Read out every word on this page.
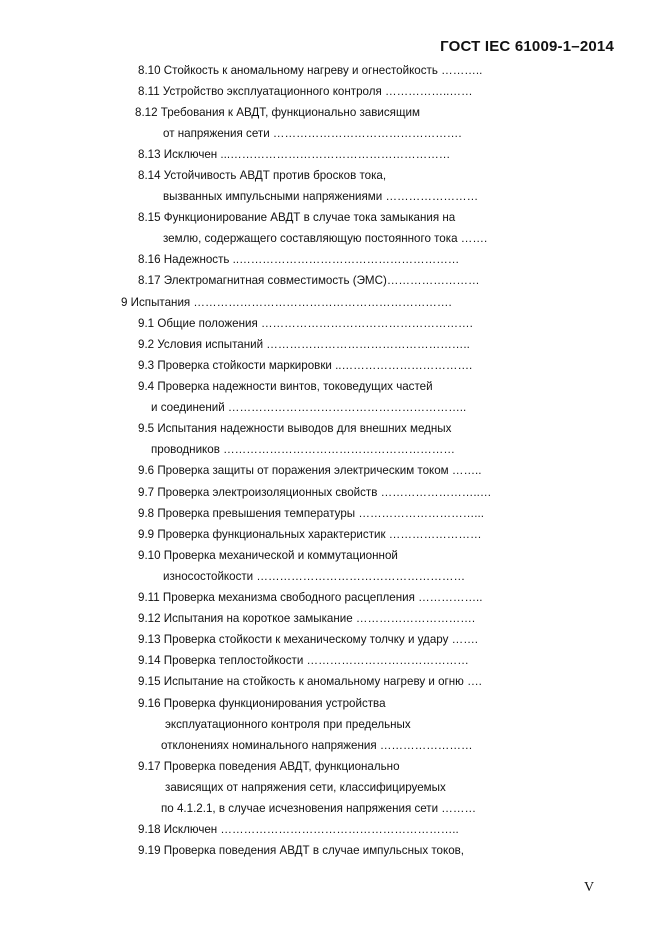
ГОСТ IEC 61009-1–2014
8.10 Стойкость к аномальному нагреву и огнестойкость ………..
8.11 Устройство эксплуатационного контроля ……………..……
8.12 Требования к АВДТ, функционально зависящим
от напряжения сети ………………………………………….
8.13 Исключен ...…………………………………………………
8.14 Устойчивость АВДТ против бросков тока,
вызванных импульсными напряжениями ……………………
8.15 Функционирование АВДТ в случае тока замыкания на
землю, содержащего составляющую постоянного тока …….
8.16 Надежность ..…………………………………………………
8.17 Электромагнитная совместимость (ЭМС)……………………
9 Испытания ………………………………………………………….
9.1 Общие положения ……………………………………………….
9.2 Условия испытаний ……………………………………………..
9.3 Проверка стойкости маркировки ..…………………………….
9.4 Проверка надежности винтов, токоведущих частей
и соединений ……………………………………………………..
9.5 Испытания надежности выводов для внешних медных
проводников ……………………………………………………
9.6 Проверка защиты от поражения электрическим током ……..
9.7 Проверка электроизоляционных свойств ……………………..…
9.8 Проверка превышения температуры …………………………...
9.9 Проверка функциональных характеристик ……………………
9.10 Проверка механической и коммутационной
износостойкости ………………………………………………
9.11 Проверка механизма свободного расцепления ……………..
9.12 Испытания на короткое замыкание ………………………….
9.13 Проверка стойкости к механическому толчку и удару …….
9.14 Проверка теплостойкости ……………………………………
9.15 Испытание на стойкость к аномальному нагреву и огню ….
9.16 Проверка функционирования устройства
эксплуатационного контроля при предельных
отклонениях номинального напряжения ……………………
9.17 Проверка поведения АВДТ, функционально
зависящих от напряжения сети, классифицируемых
по 4.1.2.1, в случае исчезновения напряжения сети ………
9.18 Исключен ……………………………………………………..
9.19 Проверка поведения АВДТ в случае импульсных токов,
V
